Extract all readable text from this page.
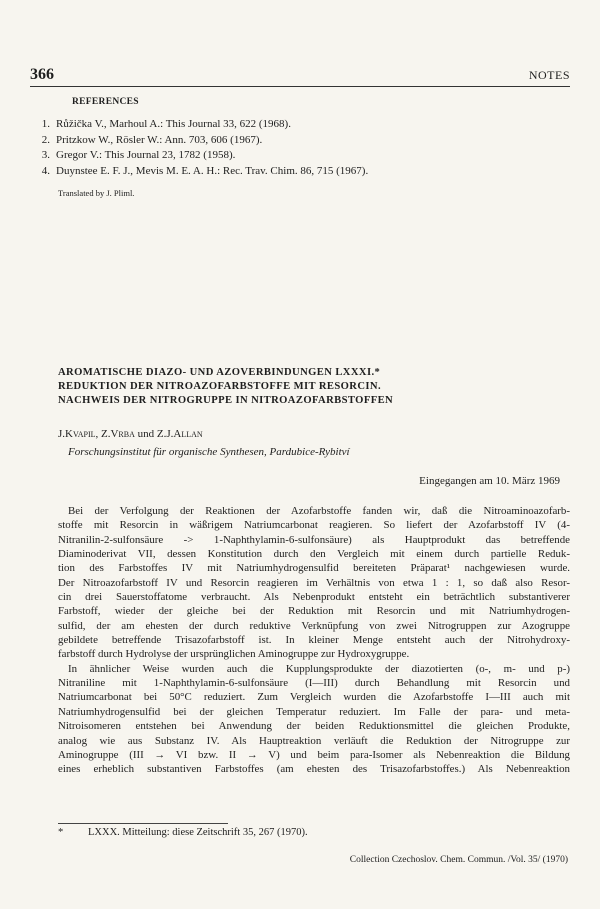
366	NOTES
REFERENCES
1. Růžička V., Marhoul A.: This Journal 33, 622 (1968).
2. Pritzkow W., Rösler W.: Ann. 703, 606 (1967).
3. Gregor V.: This Journal 23, 1782 (1958).
4. Duynstee E. F. J., Mevis M. E. A. H.: Rec. Trav. Chim. 86, 715 (1967).
Translated by J. Pliml.
AROMATISCHE DIAZO- UND AZOVERBINDUNGEN LXXXI.*
REDUKTION DER NITROAZOFARBSTOFFE MIT RESORCIN.
NACHWEIS DER NITROGRUPPE IN NITROAZOFARBSTOFFEN
J.Kvapil, Z.Vrba und Z.J.Allan
Forschungsinstitut für organische Synthesen, Pardubice-Rybitví
Eingegangen am 10. März 1969
Bei der Verfolgung der Reaktionen der Azofarbstoffe fanden wir, daß die Nitroaminoazofarb-
stoffe mit Resorcin in wäßrigem Natriumcarbonat reagieren. So liefert der Azofarbstoff IV (4-
Nitranilin-2-sulfonsäure -> 1-Naphthylamin-6-sulfonsäure) als Hauptprodukt das betreffende
Diaminoderivat VII, dessen Konstitution durch den Vergleich mit einem durch partielle Reduk-
tion des Farbstoffes IV mit Natriumhydrogensulfid bereiteten Präparat¹ nachgewiesen wurde.
Der Nitroazofarbstoff IV und Resorcin reagieren im Verhältnis von etwa 1 : 1, so daß also Resor-
cin drei Sauerstoffatome verbraucht. Als Nebenprodukt entsteht ein beträchtlich substantiverer
Farbstoff, wieder der gleiche bei der Reduktion mit Resorcin und mit Natriumhydrogen-
sulfid, der am ehesten der durch reduktive Verknüpfung von zwei Nitrogruppen zur Azogruppe
gebildete betreffende Trisazofarbstoff ist. In kleiner Menge entsteht auch der Nitrohydroxy-
farbstoff durch Hydrolyse der ursprünglichen Aminogruppe zur Hydroxygruppe.
In ähnlicher Weise wurden auch die Kupplungsprodukte der diazotierten (o-, m- und p-)
Nitraniline mit 1-Naphthylamin-6-sulfonsäure (I—III) durch Behandlung mit Resorcin und
Natriumcarbonat bei 50°C reduziert. Zum Vergleich wurden die Azofarbstoffe I—III auch mit
Natriumhydrogensulfid bei der gleichen Temperatur reduziert. Im Falle der para- und meta-
Nitroisomeren entstehen bei Anwendung der beiden Reduktionsmittel die gleichen Produkte,
analog wie aus Substanz IV. Als Hauptreaktion verläuft die Reduktion der Nitrogruppe zur
Aminogruppe (III → VI bzw. II → V) und beim para-Isomer als Nebenreaktion die Bildung
eines erheblich substantiven Farbstoffes (am ehesten des Trisazofarbstoffes.) Als Nebenreaktion
* LXXX. Mitteilung: diese Zeitschrift 35, 267 (1970).
Collection Czechoslov. Chem. Commun. /Vol. 35/ (1970)
